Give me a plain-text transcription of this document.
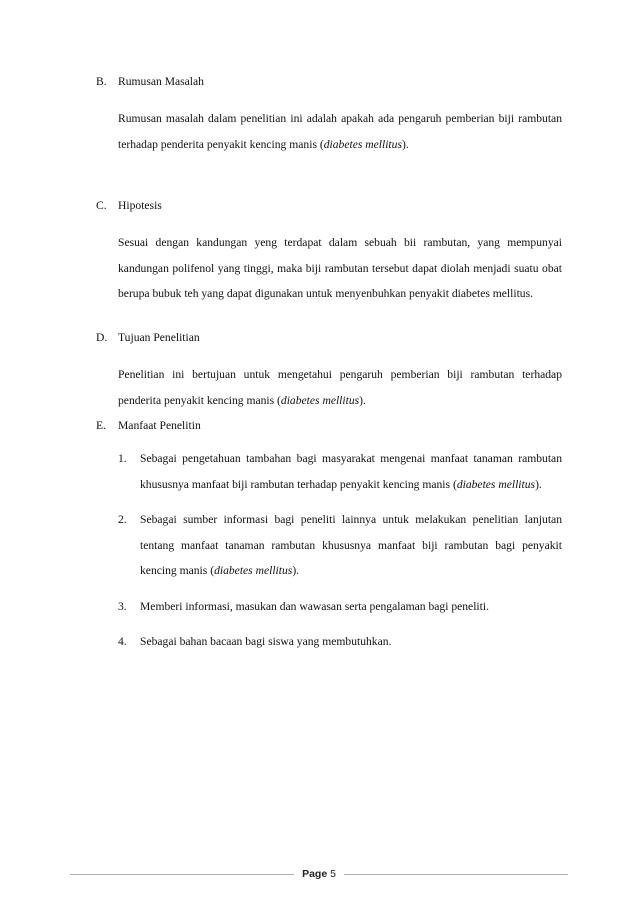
B. Rumusan Masalah
Rumusan masalah dalam penelitian ini adalah apakah ada pengaruh pemberian biji rambutan terhadap penderita penyakit kencing manis (diabetes mellitus).
C. Hipotesis
Sesuai dengan kandungan yeng terdapat dalam sebuah bii rambutan, yang mempunyai kandungan polifenol yang tinggi, maka biji rambutan tersebut dapat diolah menjadi suatu obat berupa bubuk teh yang dapat digunakan untuk menyenbuhkan penyakit diabetes mellitus.
D. Tujuan Penelitian
Penelitian ini bertujuan untuk mengetahui pengaruh pemberian biji rambutan terhadap penderita penyakit kencing manis (diabetes mellitus).
E.	Manfaat Penelitin
1.	Sebagai pengetahuan tambahan bagi masyarakat mengenai manfaat tanaman rambutan khususnya manfaat biji rambutan terhadap penyakit kencing manis (diabetes mellitus).
2.	Sebagai sumber informasi bagi peneliti lainnya untuk melakukan penelitian lanjutan tentang manfaat tanaman rambutan khususnya manfaat biji rambutan bagi penyakit kencing manis (diabetes mellitus).
3.	Memberi informasi, masukan dan wawasan serta pengalaman bagi peneliti.
4.	Sebagai bahan bacaan bagi siswa yang membutuhkan.
Page 5
